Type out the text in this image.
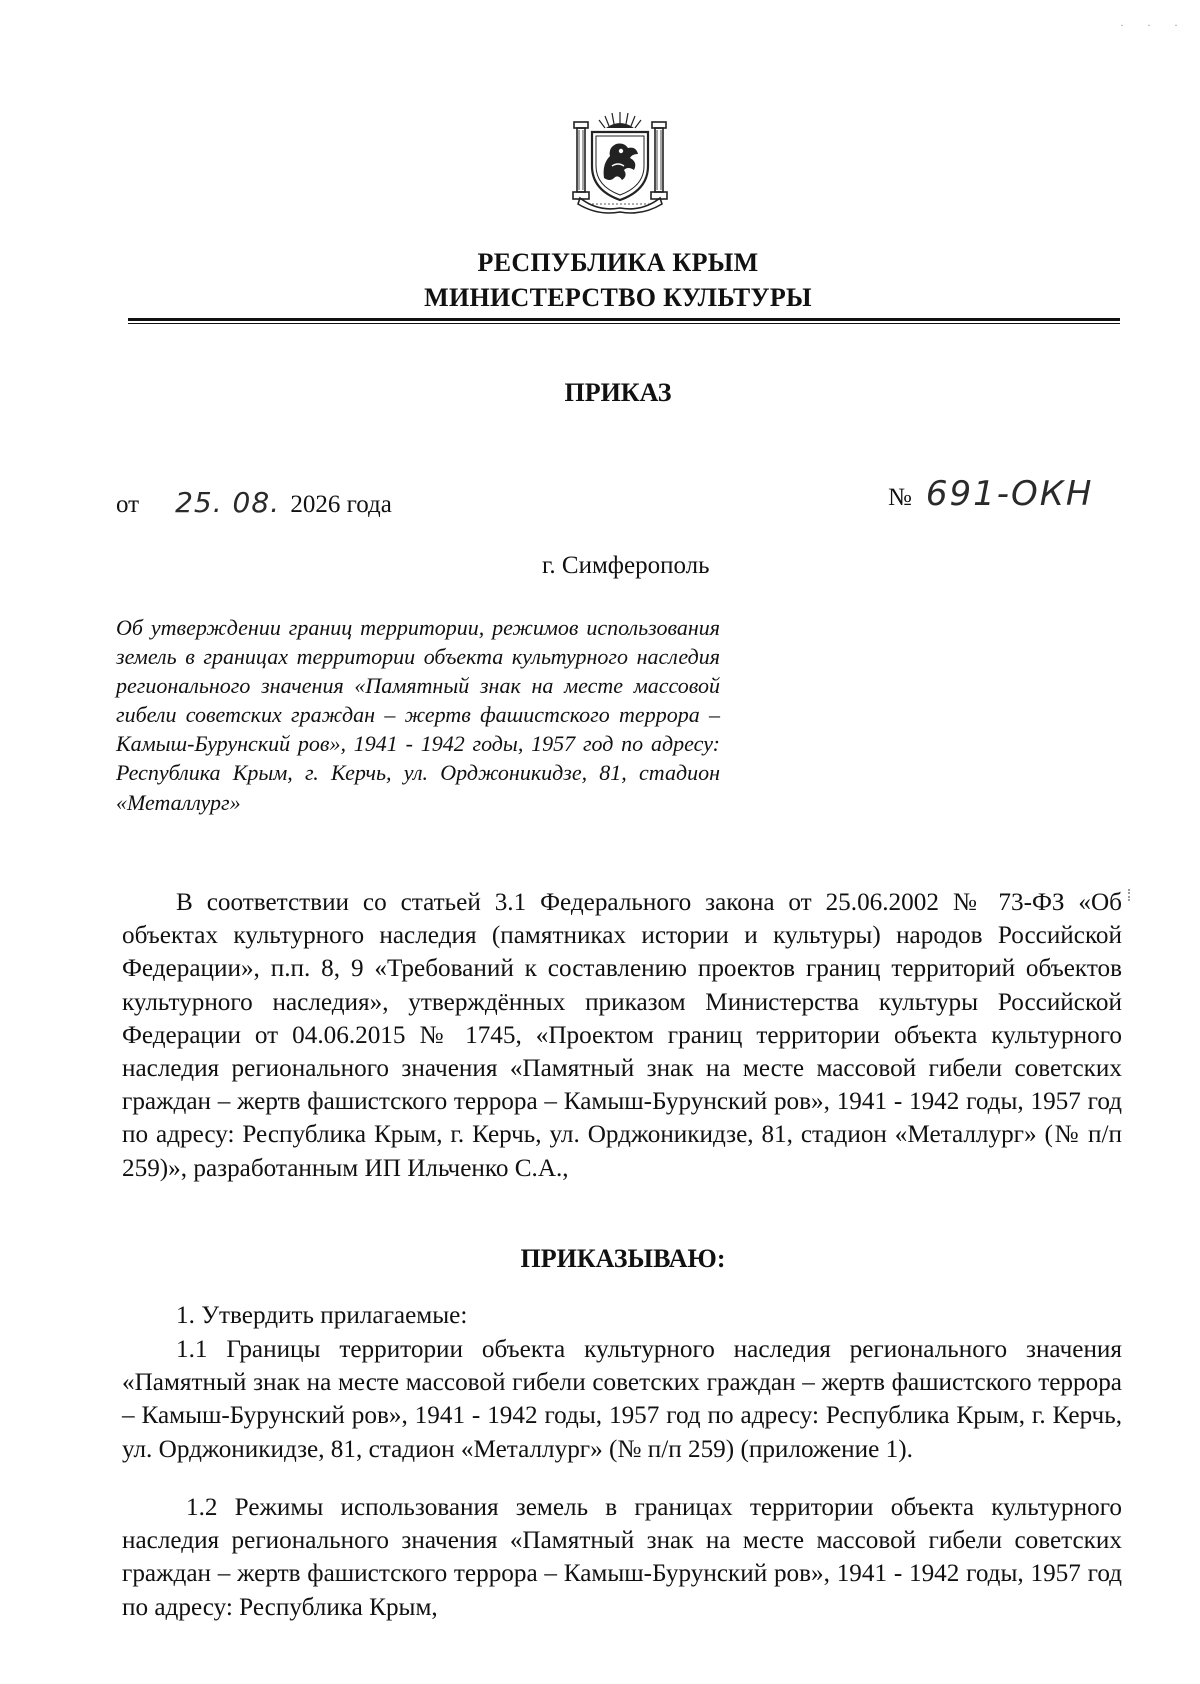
· · ·
РЕСПУБЛИКА КРЫМ
МИНИСТЕРСТВО КУЛЬТУРЫ
ПРИКАЗ
от 25. 08. 2026 года	№ 691-ОКН
г. Симферополь
Об утверждении границ территории, режимов использования земель в границах территории объекта культурного наследия регионального значения «Памятный знак на месте массовой гибели советских граждан – жертв фашистского террора – Камыш-Бурунский ров», 1941 - 1942 годы, 1957 год по адресу: Республика Крым, г. Керчь, ул. Орджоникидзе, 81, стадион «Металлург»
В соответствии со статьей 3.1 Федерального закона от 25.06.2002 № 73-ФЗ «Об объектах культурного наследия (памятниках истории и культуры) народов Российской Федерации», п.п. 8, 9 «Требований к составлению проектов границ территорий объектов культурного наследия», утверждённых приказом Министерства культуры Российской Федерации от 04.06.2015 № 1745, «Проектом границ территории объекта культурного наследия регионального значения «Памятный знак на месте массовой гибели советских граждан – жертв фашистского террора – Камыш-Бурунский ров», 1941 - 1942 годы, 1957 год по адресу: Республика Крым, г. Керчь, ул. Орджоникидзе, 81, стадион «Металлург» (№ п/п 259)», разработанным ИП Ильченко С.А.,
ПРИКАЗЫВАЮ:
1. Утвердить прилагаемые:
1.1 Границы территории объекта культурного наследия регионального значения «Памятный знак на месте массовой гибели советских граждан – жертв фашистского террора – Камыш-Бурунский ров», 1941 - 1942 годы, 1957 год по адресу: Республика Крым, г. Керчь, ул. Орджоникидзе, 81, стадион «Металлург» (№ п/п 259) (приложение 1).
1.2 Режимы использования земель в границах территории объекта культурного наследия регионального значения «Памятный знак на месте массовой гибели советских граждан – жертв фашистского террора – Камыш-Бурунский ров», 1941 - 1942 годы, 1957 год по адресу: Республика Крым,
